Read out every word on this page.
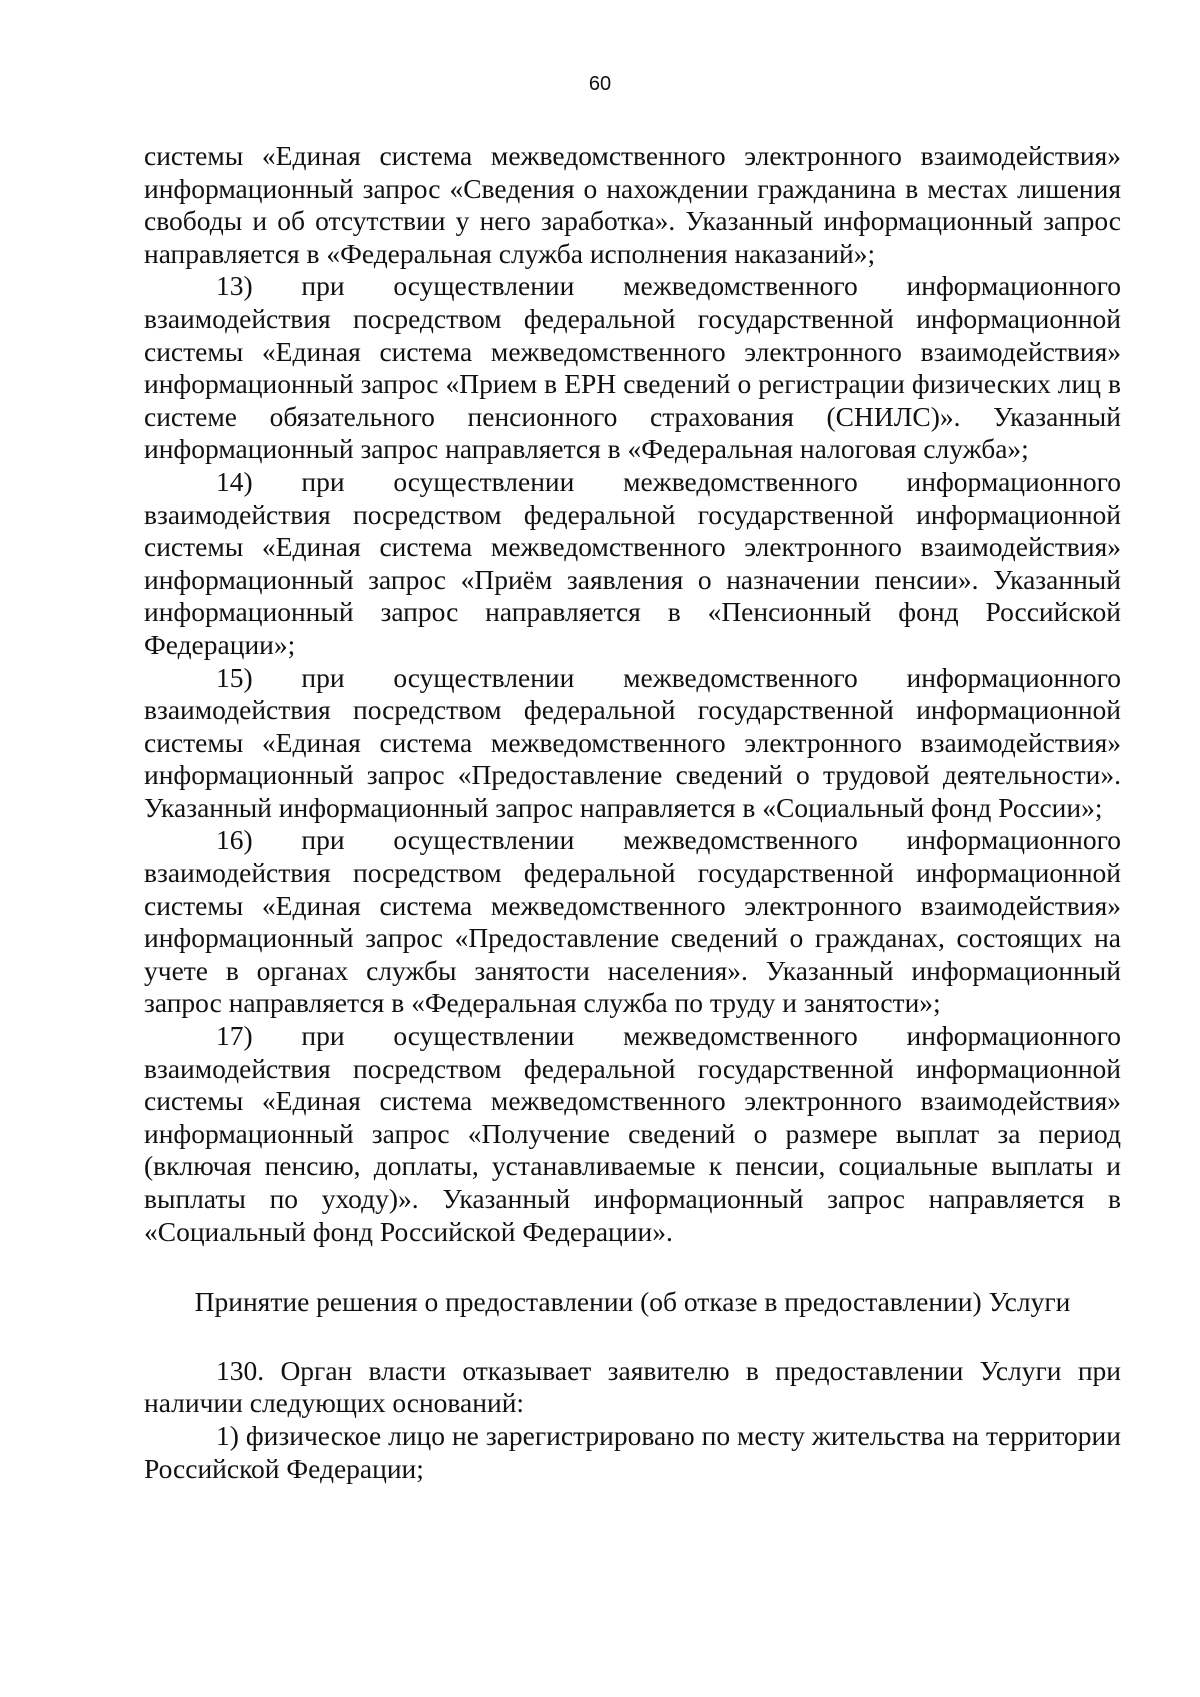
60

системы «Единая система межведомственного электронного взаимодействия» информационный запрос «Сведения о нахождении гражданина в местах лишения свободы и об отсутствии у него заработка». Указанный информационный запрос направляется в «Федеральная служба исполнения наказаний»;

13) при осуществлении межведомственного информационного взаимодействия посредством федеральной государственной информационной системы «Единая система межведомственного электронного взаимодействия» информационный запрос «Прием в ЕРН сведений о регистрации физических лиц в системе обязательного пенсионного страхования (СНИЛС)». Указанный информационный запрос направляется в «Федеральная налоговая служба»;

14) при осуществлении межведомственного информационного взаимодействия посредством федеральной государственной информационной системы «Единая система межведомственного электронного взаимодействия» информационный запрос «Приём заявления о назначении пенсии». Указанный информационный запрос направляется в «Пенсионный фонд Российской Федерации»;

15) при осуществлении межведомственного информационного взаимодействия посредством федеральной государственной информационной системы «Единая система межведомственного электронного взаимодействия» информационный запрос «Предоставление сведений о трудовой деятельности». Указанный информационный запрос направляется в «Социальный фонд России»;

16) при осуществлении межведомственного информационного взаимодействия посредством федеральной государственной информационной системы «Единая система межведомственного электронного взаимодействия» информационный запрос «Предоставление сведений о гражданах, состоящих на учете в органах службы занятости населения». Указанный информационный запрос направляется в «Федеральная служба по труду и занятости»;

17) при осуществлении межведомственного информационного взаимодействия посредством федеральной государственной информационной системы «Единая система межведомственного электронного взаимодействия» информационный запрос «Получение сведений о размере выплат за период (включая пенсию, доплаты, устанавливаемые к пенсии, социальные выплаты и выплаты по уходу)». Указанный информационный запрос направляется в «Социальный фонд Российской Федерации».

Принятие решения о предоставлении (об отказе в предоставлении) Услуги

130. Орган власти отказывает заявителю в предоставлении Услуги при наличии следующих оснований:

1) физическое лицо не зарегистрировано по месту жительства на территории Российской Федерации;
